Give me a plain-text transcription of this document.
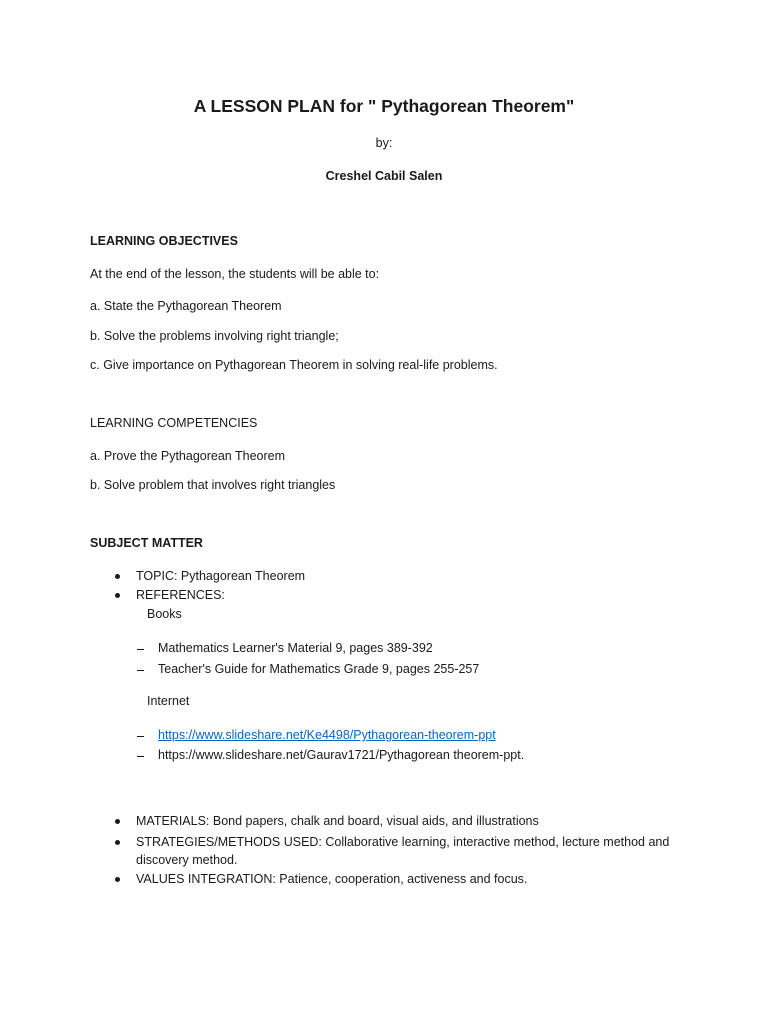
A LESSON PLAN for " Pythagorean Theorem"
by:
Creshel Cabil Salen
LEARNING OBJECTIVES
At the end of the lesson, the students will be able to:
a. State the Pythagorean Theorem
b. Solve the problems involving right triangle;
c. Give importance on Pythagorean Theorem in solving real-life problems.
LEARNING COMPETENCIES
a. Prove the Pythagorean Theorem
b. Solve problem that involves right triangles
SUBJECT MATTER
TOPIC: Pythagorean Theorem
REFERENCES:
Books
Mathematics Learner's Material 9, pages 389-392
Teacher's Guide for Mathematics Grade 9, pages 255-257
Internet
https://www.slideshare.net/Ke4498/Pythagorean-theorem-ppt
https://www.slideshare.net/Gaurav1721/Pythagorean theorem-ppt.
MATERIALS: Bond papers, chalk and board, visual aids, and illustrations
STRATEGIES/METHODS USED: Collaborative learning, interactive method, lecture method and
discovery method.
VALUES INTEGRATION: Patience, cooperation, activeness and focus.
